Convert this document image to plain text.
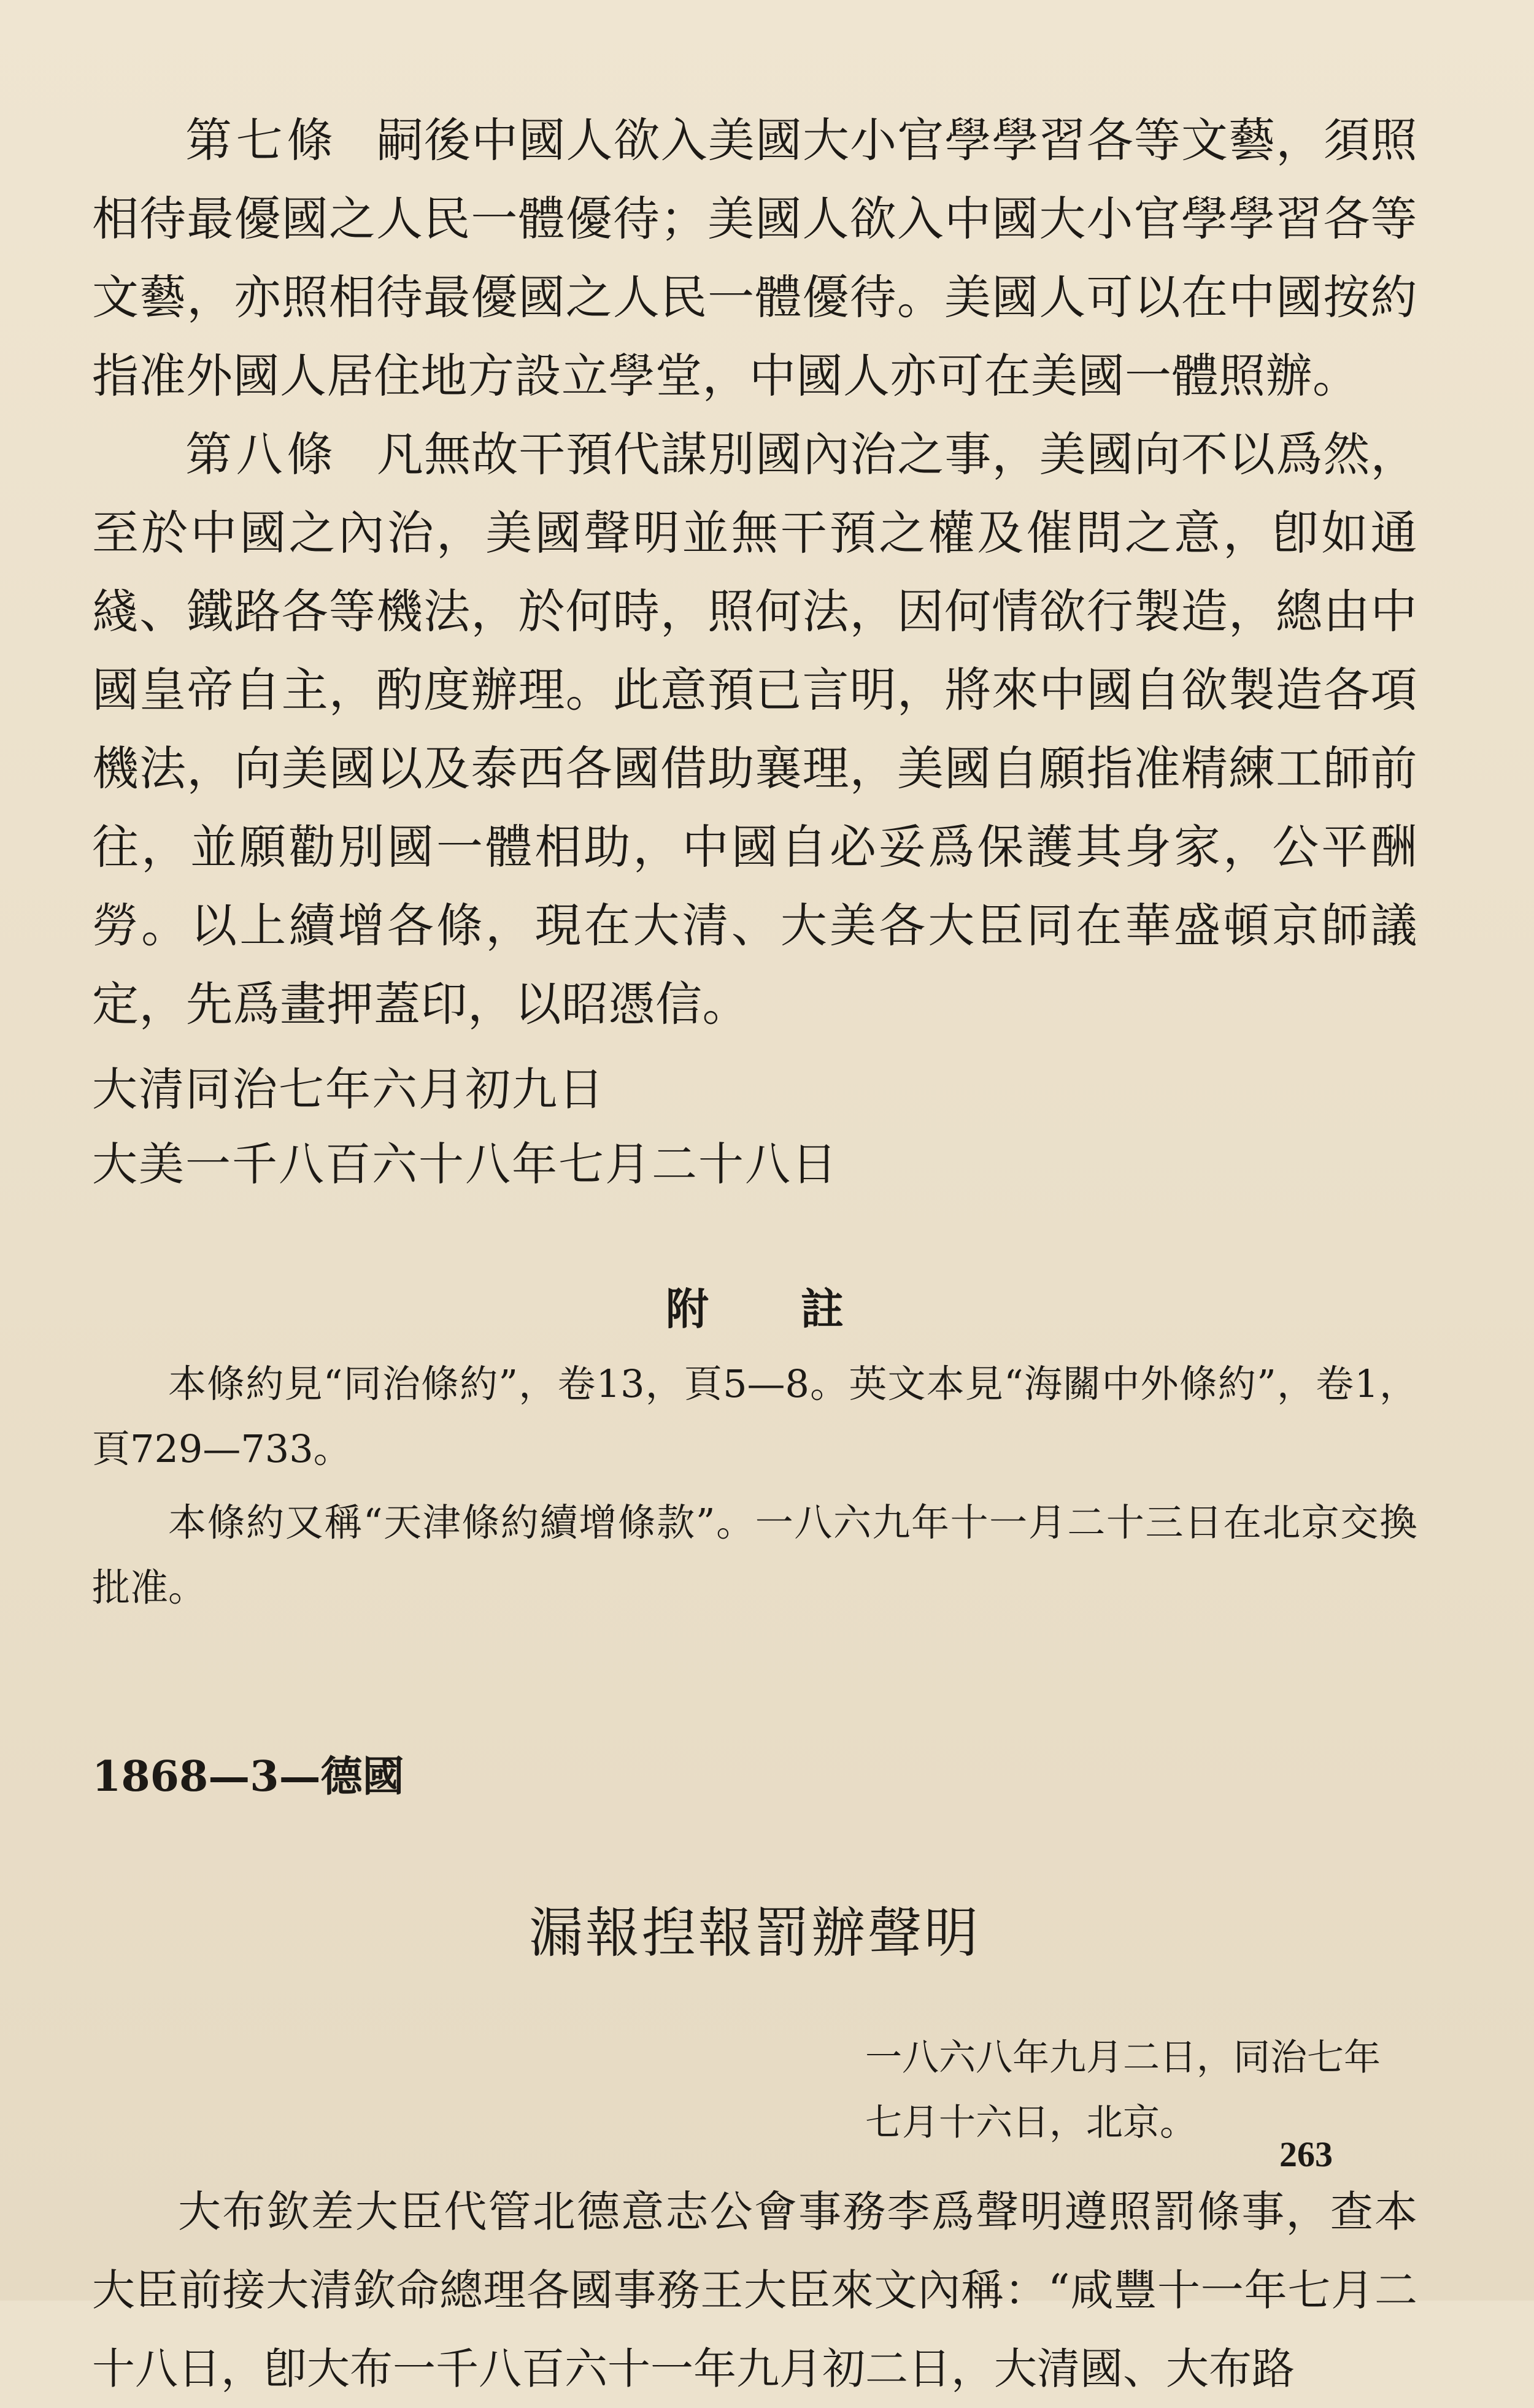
第七條 嗣後中國人欲入美國大小官學學習各等文藝，須照相待最優國之人民一體優待；美國人欲入中國大小官學學習各等文藝，亦照相待最優國之人民一體優待。美國人可以在中國按約指准外國人居住地方設立學堂，中國人亦可在美國一體照辦。

第八條 凡無故干預代謀別國內治之事，美國向不以爲然，至於中國之內治，美國聲明並無干預之權及催問之意，卽如通綫、鐵路各等機法，於何時，照何法，因何情欲行製造，總由中國皇帝自主，酌度辦理。此意預已言明，將來中國自欲製造各項機法，向美國以及泰西各國借助襄理，美國自願指准精練工師前往，並願勸別國一體相助，中國自必妥爲保護其身家，公平酬勞。以上續增各條，現在大清、大美各大臣同在華盛頓京師議定，先爲畫押蓋印，以昭憑信。

大清同治七年六月初九日

大美一千八百六十八年七月二十八日

附註

本條約見“同治條約”，卷13，頁5—8。英文本見“海關中外條約”，卷1，頁729—733。

本條約又稱“天津條約續增條款”。一八六九年十一月二十三日在北京交換批准。

1868—3—德國

漏報揑報罰辦聲明

一八六八年九月二日，同治七年
七月十六日，北京。

大布欽差大臣代管北德意志公會事務李爲聲明遵照罰條事，查本大臣前接大清欽命總理各國事務王大臣來文內稱：“咸豐十一年七月二十八日，卽大布一千八百六十一年九月初二日，大清國、大布路

263
